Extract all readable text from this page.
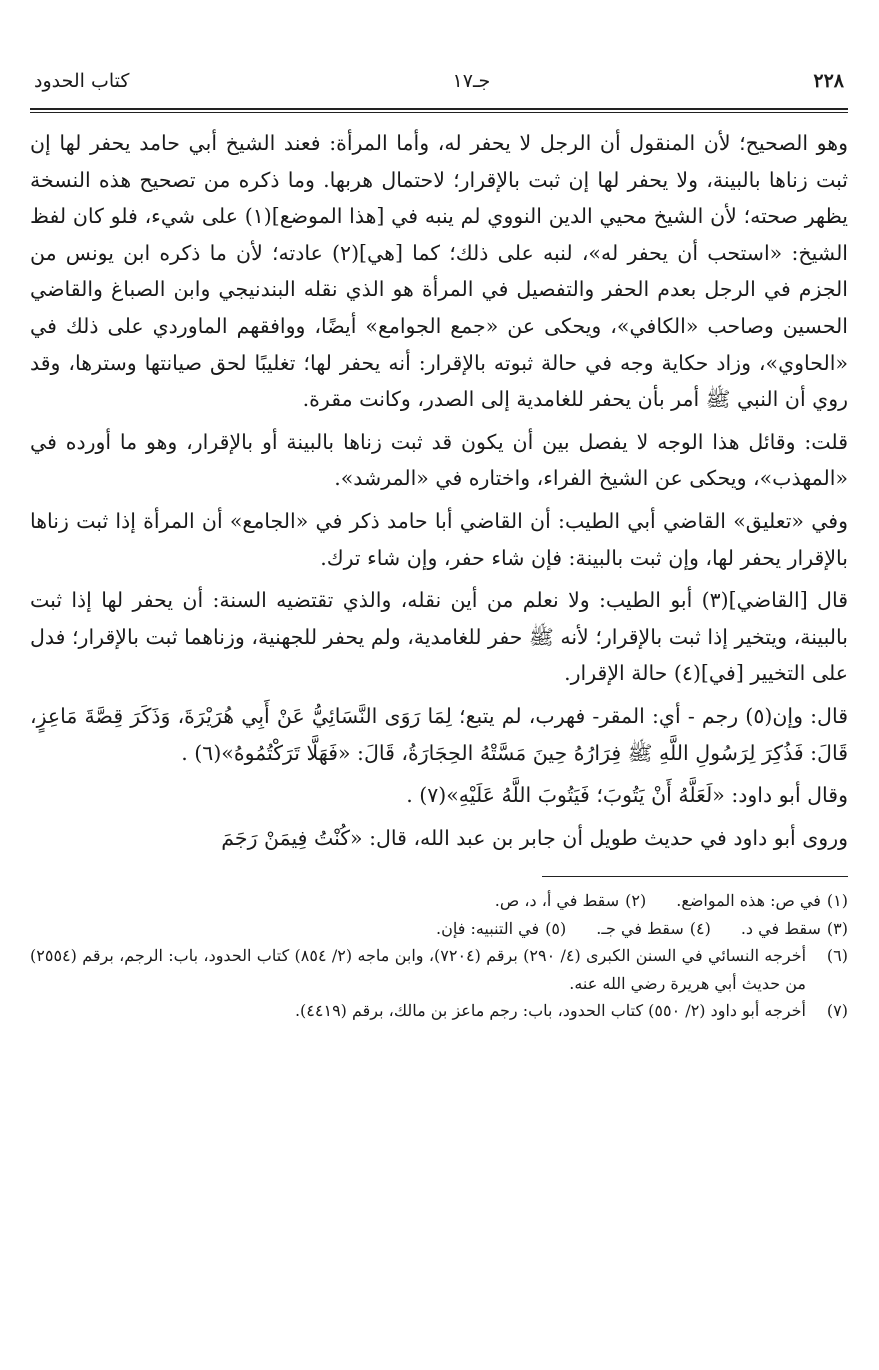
٢٢٨
جـ١٧
كتاب الحدود

وهو الصحيح؛ لأن المنقول أن الرجل لا يحفر له، وأما المرأة: فعند الشيخ أبي حامد يحفر لها إن ثبت زناها بالبينة، ولا يحفر لها إن ثبت بالإقرار؛ لاحتمال هربها. وما ذكره من تصحيح هذه النسخة يظهر صحته؛ لأن الشيخ محيي الدين النووي لم ينبه في [هذا الموضع](١) على شيء، فلو كان لفظ الشيخ: «استحب أن يحفر له»، لنبه على ذلك؛ كما [هي](٢) عادته؛ لأن ما ذكره ابن يونس من الجزم في الرجل بعدم الحفر والتفصيل في المرأة هو الذي نقله البندنيجي وابن الصباغ والقاضي الحسين وصاحب «الكافي»، ويحكى عن «جمع الجوامع» أيضًا، ووافقهم الماوردي على ذلك في «الحاوي»، وزاد حكاية وجه في حالة ثبوته بالإقرار: أنه يحفر لها؛ تغليبًا لحق صيانتها وسترها، وقد روي أن النبي ﷺ أمر بأن يحفر للغامدية إلى الصدر، وكانت مقرة.

قلت: وقائل هذا الوجه لا يفصل بين أن يكون قد ثبت زناها بالبينة أو بالإقرار، وهو ما أورده في «المهذب»، ويحكى عن الشيخ الفراء، واختاره في «المرشد».

وفي «تعليق» القاضي أبي الطيب: أن القاضي أبا حامد ذكر في «الجامع» أن المرأة إذا ثبت زناها بالإقرار يحفر لها، وإن ثبت بالبينة: فإن شاء حفر، وإن شاء ترك.

قال [القاضي](٣) أبو الطيب: ولا نعلم من أين نقله، والذي تقتضيه السنة: أن يحفر لها إذا ثبت بالبينة، ويتخير إذا ثبت بالإقرار؛ لأنه ﷺ حفر للغامدية، ولم يحفر للجهنية، وزناهما ثبت بالإقرار؛ فدل على التخيير [في](٤) حالة الإقرار.

قال: وإن(٥) رجم - أي: المقر- فهرب، لم يتبع؛ لِمَا رَوَى النَّسَائِيُّ عَنْ أَبِي هُرَيْرَةَ، وَذَكَرَ قِصَّةَ مَاعِزٍ، قَالَ: فَذُكِرَ لِرَسُولِ اللَّهِ ﷺ فِرَارُهُ حِينَ مَسَّتْهُ الحِجَارَةُ، قَالَ: «فَهَلَّا تَرَكْتُمُوهُ»(٦) .

وقال أبو داود: «لَعَلَّهُ أَنْ يَتُوبَ؛ فَيَتُوبَ اللَّهُ عَلَيْهِ»(٧) .

وروى أبو داود في حديث طويل أن جابر بن عبد الله، قال: «كُنْتُ فِيمَنْ رَجَمَ

(١)
في ص: هذه المواضع.
(٢)
سقط في أ، د، ص.
(٣)
سقط في د.
(٤)
سقط في جـ.
(٥)
في التنبيه: فإن.
(٦)
أخرجه النسائي في السنن الكبرى (٤/ ٢٩٠) برقم (٧٢٠٤)، وابن ماجه (٢/ ٨٥٤) كتاب الحدود، باب: الرجم، برقم (٢٥٥٤) من حديث أبي هريرة رضي الله عنه.
(٧)
أخرجه أبو داود (٢/ ٥٥٠) كتاب الحدود، باب: رجم ماعز بن مالك، برقم (٤٤١٩).
